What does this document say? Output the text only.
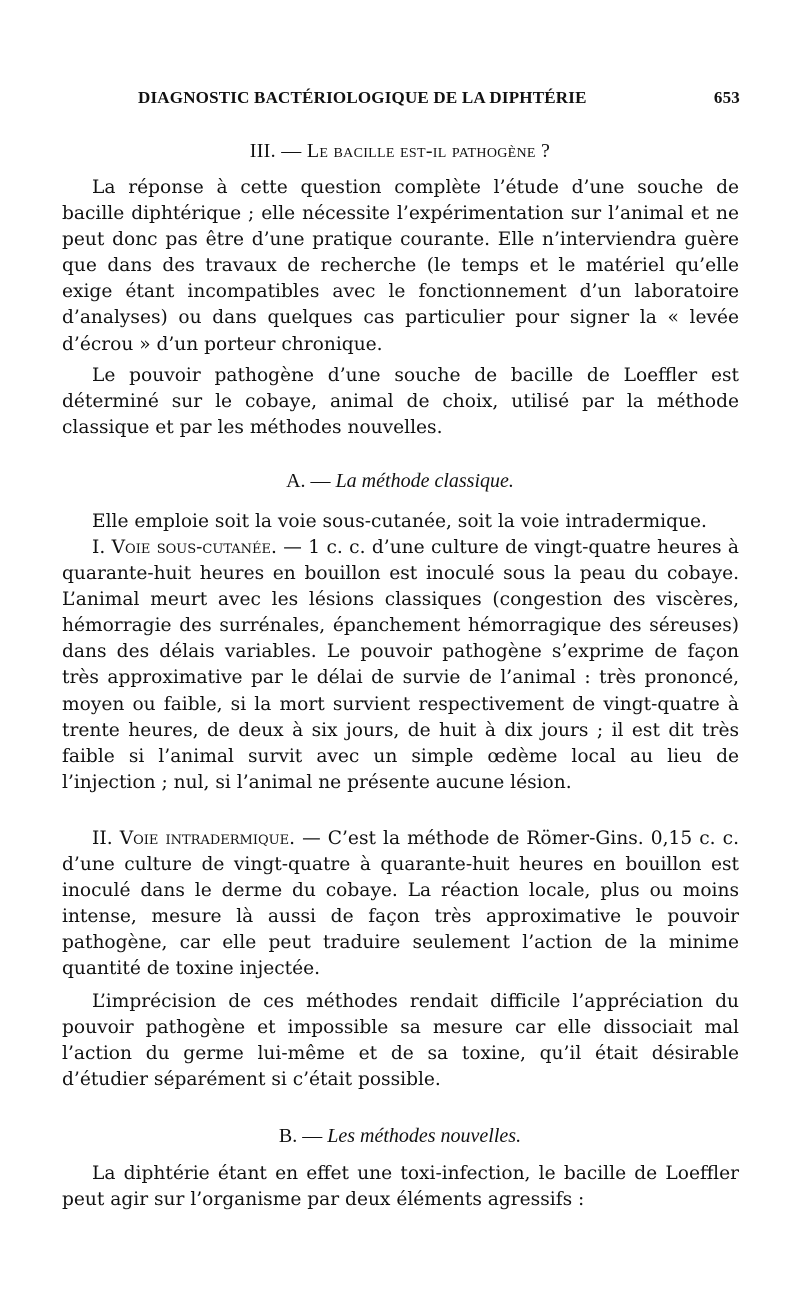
DIAGNOSTIC BACTÉRIOLOGIQUE DE LA DIPHTÉRIE	653
III. — Le bacille est-il pathogène ?

La réponse à cette question complète l’étude d’une souche de bacille diphtérique ; elle nécessite l’expérimentation sur l’animal et ne peut donc pas être d’une pratique courante. Elle n’interviendra guère que dans des travaux de recherche (le temps et le matériel qu’elle exige étant incompatibles avec le fonctionnement d’un laboratoire d’analyses) ou dans quelques cas particulier pour signer la « levée d’écrou » d’un porteur chronique.

Le pouvoir pathogène d’une souche de bacille de Loeffler est déterminé sur le cobaye, animal de choix, utilisé par la méthode classique et par les méthodes nouvelles.

A. — La méthode classique.

Elle emploie soit la voie sous-cutanée, soit la voie intradermique.

I. Voie sous-cutanée. — 1 c. c. d’une culture de vingt-quatre heures à quarante-huit heures en bouillon est inoculé sous la peau du cobaye. L’animal meurt avec les lésions classiques (congestion des viscères, hémorragie des surrénales, épanchement hémorragique des séreuses) dans des délais variables. Le pouvoir pathogène s’exprime de façon très approximative par le délai de survie de l’animal : très prononcé, moyen ou faible, si la mort survient respectivement de vingt-quatre à trente heures, de deux à six jours, de huit à dix jours ; il est dit très faible si l’animal survit avec un simple œdème local au lieu de l’injection ; nul, si l’animal ne présente aucune lésion.

II. Voie intradermique. — C’est la méthode de Römer-Gins. 0,15 c. c. d’une culture de vingt-quatre à quarante-huit heures en bouillon est inoculé dans le derme du cobaye. La réaction locale, plus ou moins intense, mesure là aussi de façon très approximative le pouvoir pathogène, car elle peut traduire seulement l’action de la minime quantité de toxine injectée.

L’imprécision de ces méthodes rendait difficile l’appréciation du pouvoir pathogène et impossible sa mesure car elle dissociait mal l’action du germe lui-même et de sa toxine, qu’il était désirable d’étudier séparément si c’était possible.

B. — Les méthodes nouvelles.

La diphtérie étant en effet une toxi-infection, le bacille de Loeffler peut agir sur l’organisme par deux éléments agressifs :
